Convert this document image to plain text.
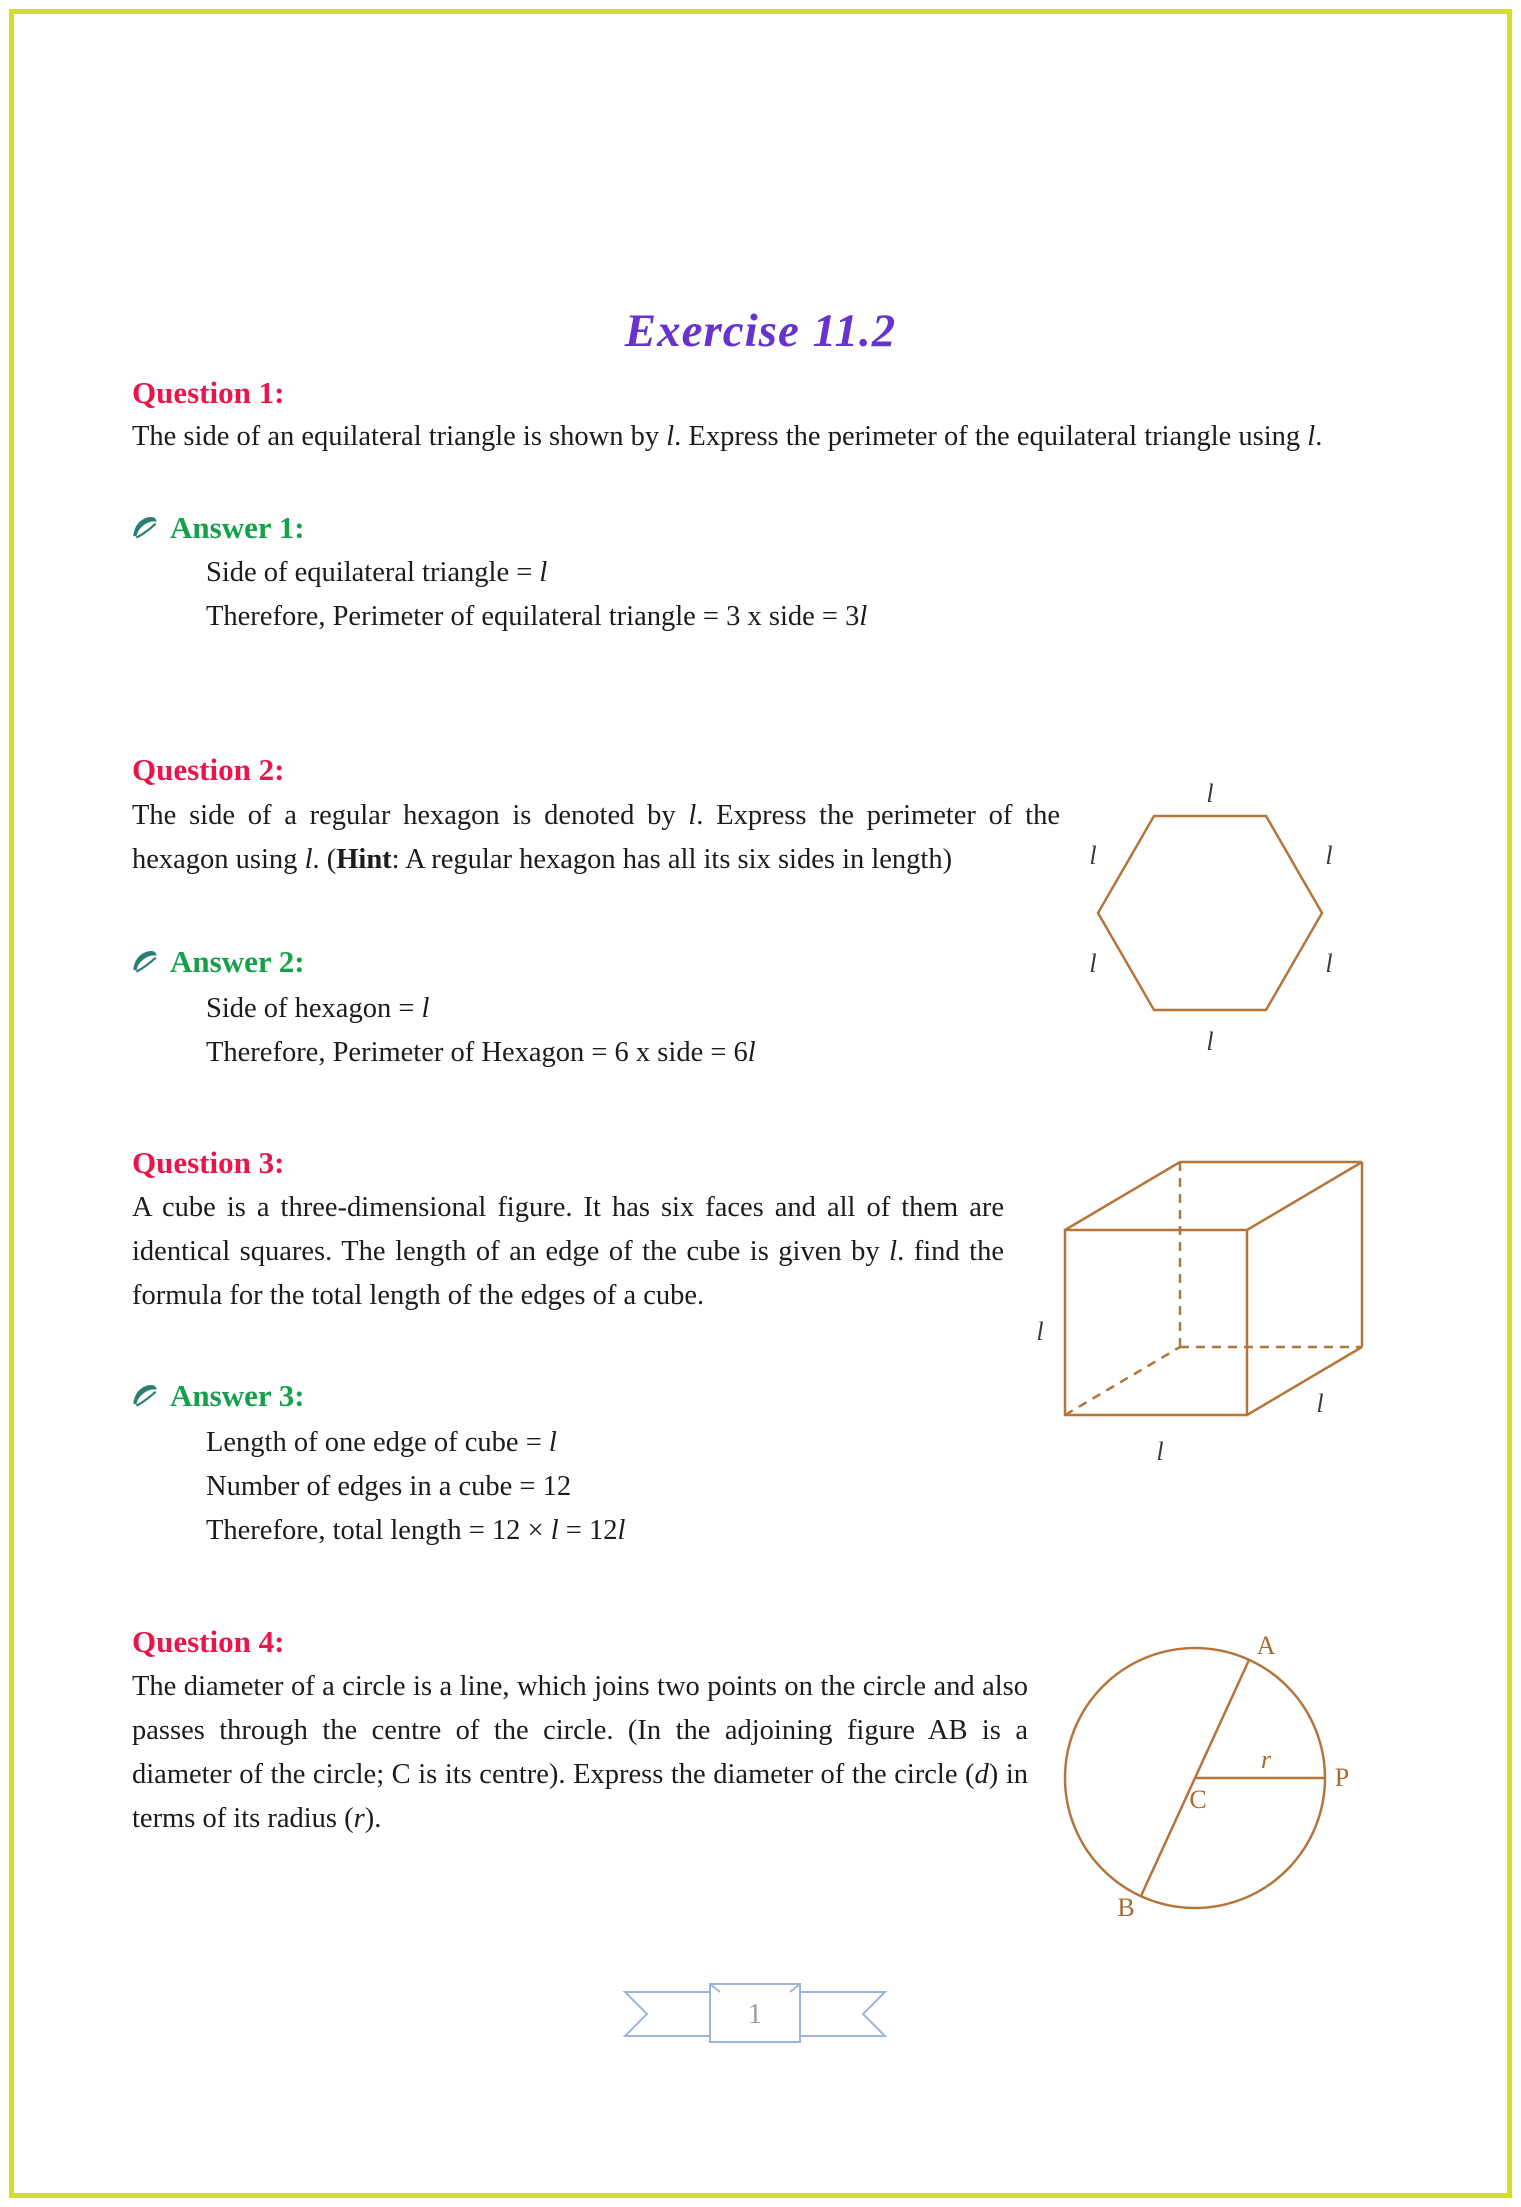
Exercise 11.2
Question 1:
The side of an equilateral triangle is shown by l. Express the perimeter of the equilateral triangle using l.
Answer 1:
Side of equilateral triangle = l
Therefore, Perimeter of equilateral triangle = 3 x side = 3l
Question 2:
The side of a regular hexagon is denoted by l. Express the perimeter of the hexagon using l. (Hint: A regular hexagon has all its six sides in length)
Answer 2:
Side of hexagon = l
Therefore, Perimeter of Hexagon = 6 x side = 6l
l
l
l
l
l
l
Question 3:
A cube is a three-dimensional figure. It has six faces and all of them are identical squares. The length of an edge of the cube is given by l. find the formula for the total length of the edges of a cube.
Answer 3:
Length of one edge of cube = l
Number of edges in a cube = 12
Therefore, total length = 12 × l = 12l
l
l
l
Question 4:
The diameter of a circle is a line, which joins two points on the circle and also passes through the centre of the circle. (In the adjoining figure AB is a diameter of the circle; C is its centre). Express the diameter of the circle (d) in terms of its radius (r).
A
B
C
P
r
1
